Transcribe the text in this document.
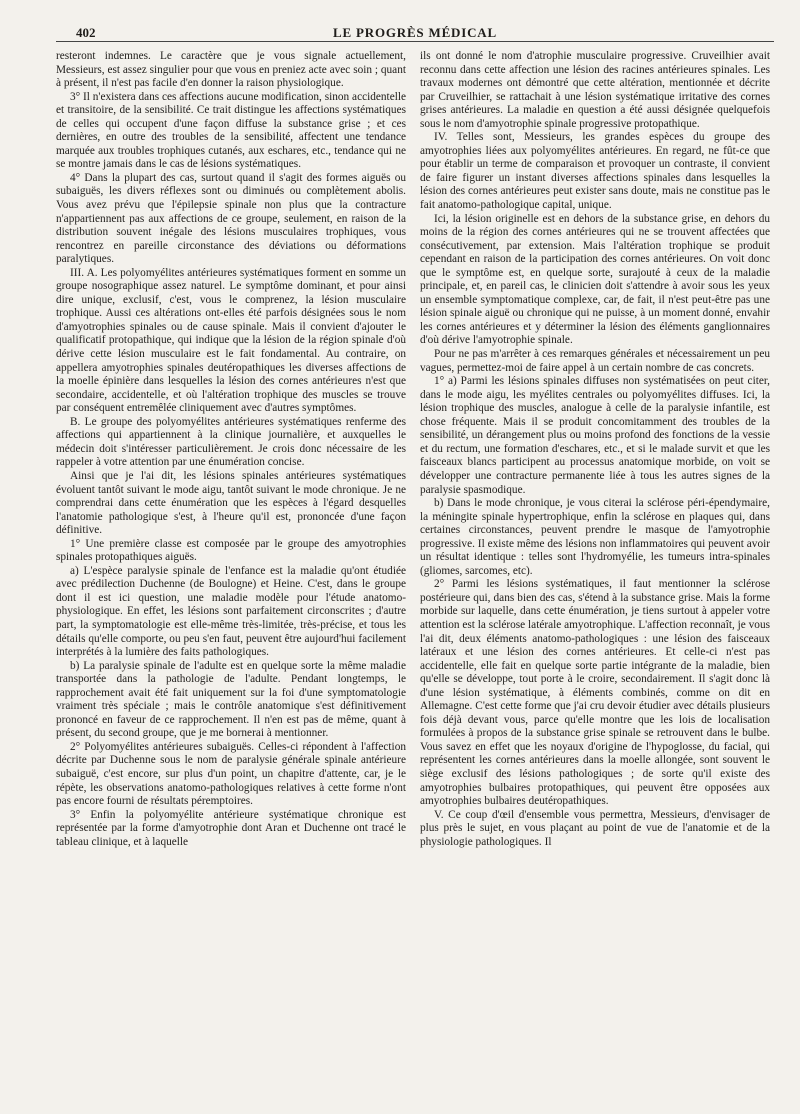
402	LE PROGRÈS MÉDICAL

resteront indemnes. Le caractère que je vous signale actuellement, Messieurs, est assez singulier pour que vous en preniez acte avec soin ; quant à présent, il n'est pas facile d'en donner la raison physiologique.

3° Il n'existera dans ces affections aucune modification, sinon accidentelle et transitoire, de la sensibilité. Ce trait distingue les affections systématiques de celles qui occupent d'une façon diffuse la substance grise ; et ces dernières, en outre des troubles de la sensibilité, affectent une tendance marquée aux troubles trophiques cutanés, aux eschares, etc., tendance qui ne se montre jamais dans le cas de lésions systématiques.

4° Dans la plupart des cas, surtout quand il s'agit des formes aiguës ou subaiguës, les divers réflexes sont ou diminués ou complètement abolis. Vous avez prévu que l'épilepsie spinale non plus que la contracture n'appartiennent pas aux affections de ce groupe, seulement, en raison de la distribution souvent inégale des lésions musculaires trophiques, vous rencontrez en pareille circonstance des déviations ou déformations paralytiques.

III. A. Les polyomyélites antérieures systématiques forment en somme un groupe nosographique assez naturel. Le symptôme dominant, et pour ainsi dire unique, exclusif, c'est, vous le comprenez, la lésion musculaire trophique. Aussi ces altérations ont-elles été parfois désignées sous le nom d'amyotrophies spinales ou de cause spinale. Mais il convient d'ajouter le qualificatif protopathique, qui indique que la lésion de la région spinale d'où dérive cette lésion musculaire est le fait fondamental. Au contraire, on appellera amyotrophies spinales deutéropathiques les diverses affections de la moelle épinière dans lesquelles la lésion des cornes antérieures n'est que secondaire, accidentelle, et où l'altération trophique des muscles se trouve par conséquent entremêlée cliniquement avec d'autres symptômes.

B. Le groupe des polyomyélites antérieures systématiques renferme des affections qui appartiennent à la clinique journalière, et auxquelles le médecin doit s'intéresser particulièrement. Je crois donc nécessaire de les rappeler à votre attention par une énumération concise.

Ainsi que je l'ai dit, les lésions spinales antérieures systématiques évoluent tantôt suivant le mode aigu, tantôt suivant le mode chronique. Je ne comprendrai dans cette énumération que les espèces à l'égard desquelles l'anatomie pathologique s'est, à l'heure qu'il est, prononcée d'une façon définitive.

1° Une première classe est composée par le groupe des amyotrophies spinales protopathiques aiguës.

a) L'espèce paralysie spinale de l'enfance est la maladie qu'ont étudiée avec prédilection Duchenne (de Boulogne) et Heine. C'est, dans le groupe dont il est ici question, une maladie modèle pour l'étude anatomo-physiologique. En effet, les lésions sont parfaitement circonscrites ; d'autre part, la symptomatologie est elle-même très-limitée, très-précise, et tous les détails qu'elle comporte, ou peu s'en faut, peuvent être aujourd'hui facilement interprétés à la lumière des faits pathologiques.

b) La paralysie spinale de l'adulte est en quelque sorte la même maladie transportée dans la pathologie de l'adulte. Pendant longtemps, le rapprochement avait été fait uniquement sur la foi d'une symptomatologie vraiment très spéciale ; mais le contrôle anatomique s'est définitivement prononcé en faveur de ce rapprochement. Il n'en est pas de même, quant à présent, du second groupe, que je me bornerai à mentionner.

2° Polyomyélites antérieures subaiguës. Celles-ci répondent à l'affection décrite par Duchenne sous le nom de paralysie générale spinale antérieure subaiguë, c'est encore, sur plus d'un point, un chapitre d'attente, car, je le répète, les observations anatomo-pathologiques relatives à cette forme n'ont pas encore fourni de résultats péremptoires.

3° Enfin la polyomyélite antérieure systématique chronique est représentée par la forme d'amyotrophie dont Aran et Duchenne ont tracé le tableau clinique, et à laquelle

ils ont donné le nom d'atrophie musculaire progressive. Cruveilhier avait reconnu dans cette affection une lésion des racines antérieures spinales. Les travaux modernes ont démontré que cette altération, mentionnée et décrite par Cruveilhier, se rattachait à une lésion systématique irritative des cornes grises antérieures. La maladie en question a été aussi désignée quelquefois sous le nom d'amyotrophie spinale progressive protopathique.

IV. Telles sont, Messieurs, les grandes espèces du groupe des amyotrophies liées aux polyomyélites antérieures. En regard, ne fût-ce que pour établir un terme de comparaison et provoquer un contraste, il convient de faire figurer un instant diverses affections spinales dans lesquelles la lésion des cornes antérieures peut exister sans doute, mais ne constitue pas le fait anatomo-pathologique capital, unique.

Ici, la lésion originelle est en dehors de la substance grise, en dehors du moins de la région des cornes antérieures qui ne se trouvent affectées que consécutivement, par extension. Mais l'altération trophique se produit cependant en raison de la participation des cornes antérieures. On voit donc que le symptôme est, en quelque sorte, surajouté à ceux de la maladie principale, et, en pareil cas, le clinicien doit s'attendre à avoir sous les yeux un ensemble symptomatique complexe, car, de fait, il n'est peut-être pas une lésion spinale aiguë ou chronique qui ne puisse, à un moment donné, envahir les cornes antérieures et y déterminer la lésion des éléments ganglionnaires d'où dérive l'amyotrophie spinale.

Pour ne pas m'arrêter à ces remarques générales et nécessairement un peu vagues, permettez-moi de faire appel à un certain nombre de cas concrets.

1° a) Parmi les lésions spinales diffuses non systématisées on peut citer, dans le mode aigu, les myélites centrales ou polyomyélites diffuses. Ici, la lésion trophique des muscles, analogue à celle de la paralysie infantile, est chose fréquente. Mais il se produit concomitamment des troubles de la sensibilité, un dérangement plus ou moins profond des fonctions de la vessie et du rectum, une formation d'eschares, etc., et si le malade survit et que les faisceaux blancs participent au processus anatomique morbide, on voit se développer une contracture permanente liée à tous les autres signes de la paralysie spasmodique.

b) Dans le mode chronique, je vous citerai la sclérose péri-épendymaire, la méningite spinale hypertrophique, enfin la sclérose en plaques qui, dans certaines circonstances, peuvent prendre le masque de l'amyotrophie progressive. Il existe même des lésions non inflammatoires qui peuvent avoir un résultat identique : telles sont l'hydromyélie, les tumeurs intra-spinales (gliomes, sarcomes, etc).

2° Parmi les lésions systématiques, il faut mentionner la sclérose postérieure qui, dans bien des cas, s'étend à la substance grise. Mais la forme morbide sur laquelle, dans cette énumération, je tiens surtout à appeler votre attention est la sclérose latérale amyotrophique. L'affection reconnaît, je vous l'ai dit, deux éléments anatomo-pathologiques : une lésion des faisceaux latéraux et une lésion des cornes antérieures. Et celle-ci n'est pas accidentelle, elle fait en quelque sorte partie intégrante de la maladie, bien qu'elle se développe, tout porte à le croire, secondairement. Il s'agit donc là d'une lésion systématique, à éléments combinés, comme on dit en Allemagne. C'est cette forme que j'ai cru devoir étudier avec détails plusieurs fois déjà devant vous, parce qu'elle montre que les lois de localisation formulées à propos de la substance grise spinale se retrouvent dans le bulbe. Vous savez en effet que les noyaux d'origine de l'hypoglosse, du facial, qui représentent les cornes antérieures dans la moelle allongée, sont souvent le siège exclusif des lésions pathologiques ; de sorte qu'il existe des amyotrophies bulbaires protopathiques, qui peuvent être opposées aux amyotrophies bulbaires deutéropathiques.

V. Ce coup d'œil d'ensemble vous permettra, Messieurs, d'envisager de plus près le sujet, en vous plaçant au point de vue de l'anatomie et de la physiologie pathologiques. Il
